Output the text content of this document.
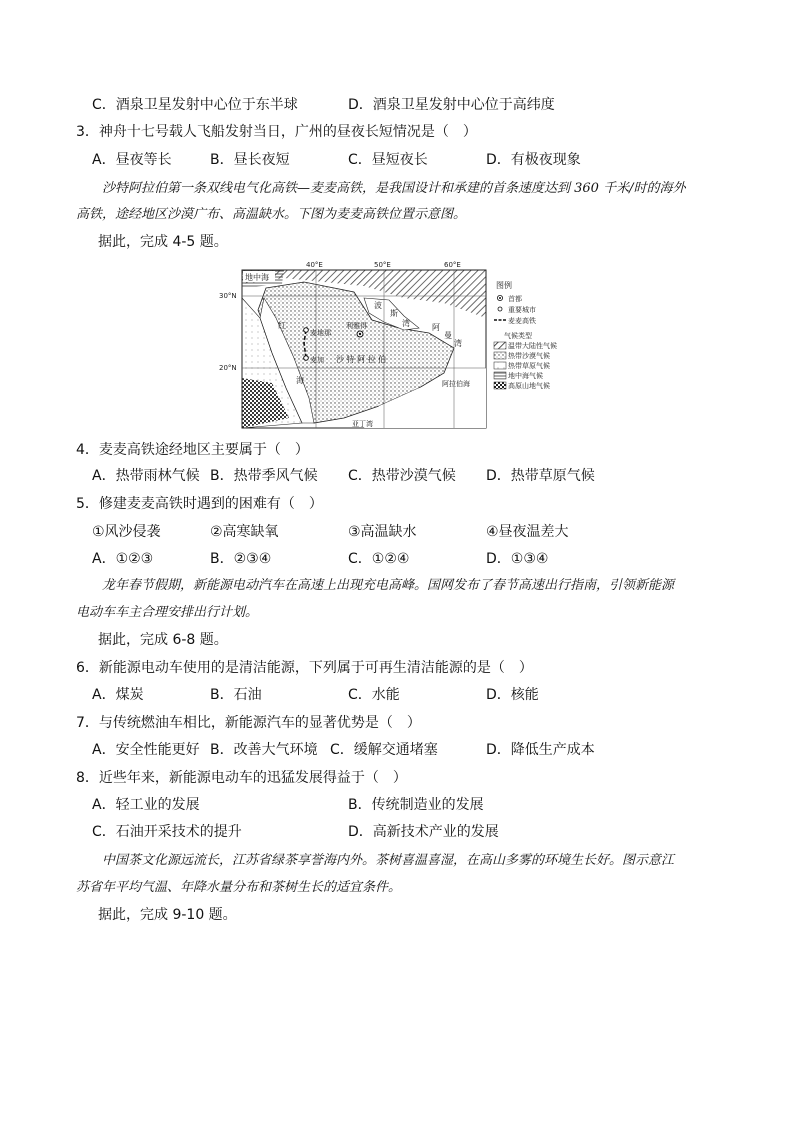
C．酒泉卫星发射中心位于东半球	D．酒泉卫星发射中心位于高纬度
3．神舟十七号载人飞船发射当日，广州的昼夜长短情况是（　）
A．昼夜等长	B．昼长夜短	C．昼短夜长	D．有极夜现象
沙特阿拉伯第一条双线电气化高铁—麦麦高铁，是我国设计和承建的首条速度达到 360 千米/时的海外
高铁，途经地区沙漠广布、高温缺水。下图为麦麦高铁位置示意图。
据此，完成 4-5 题。
40°E	50°E	60°E
30°N
20°N
地中海
红
海
波
斯
湾	阿
曼
湾
利雅得
麦地那
麦加 沙 特 阿 拉 伯
阿拉伯海
亚丁湾
图例
首都
重要城市
麦麦高铁
气候类型
温带大陆性气候
热带沙漠气候
热带草原气候
地中海气候
高原山地气候
4．麦麦高铁途经地区主要属于（　）
A．热带雨林气候 B．热带季风气候 C．热带沙漠气候 D．热带草原气候
5．修建麦麦高铁时遇到的困难有（　）
①风沙侵袭	②高寒缺氧	③高温缺水	④昼夜温差大
A．①②③	B．②③④	C．①②④	D．①③④
龙年春节假期，新能源电动汽车在高速上出现充电高峰。国网发布了春节高速出行指南，引领新能源
电动车车主合理安排出行计划。
据此，完成 6-8 题。
6．新能源电动车使用的是清洁能源，下列属于可再生清洁能源的是（　）
A．煤炭	B．石油	C．水能	D．核能
7．与传统燃油车相比，新能源汽车的显著优势是（　）
A．安全性能更好 B．改善大气环境 C．缓解交通堵塞	D．降低生产成本
8．近些年来，新能源电动车的迅猛发展得益于（　）
A．轻工业的发展	B．传统制造业的发展
C．石油开采技术的提升	D．高新技术产业的发展
中国茶文化源远流长，江苏省绿茶享誉海内外。茶树喜温喜湿，在高山多雾的环境生长好。图示意江
苏省年平均气温、年降水量分布和茶树生长的适宜条件。
据此，完成 9-10 题。
